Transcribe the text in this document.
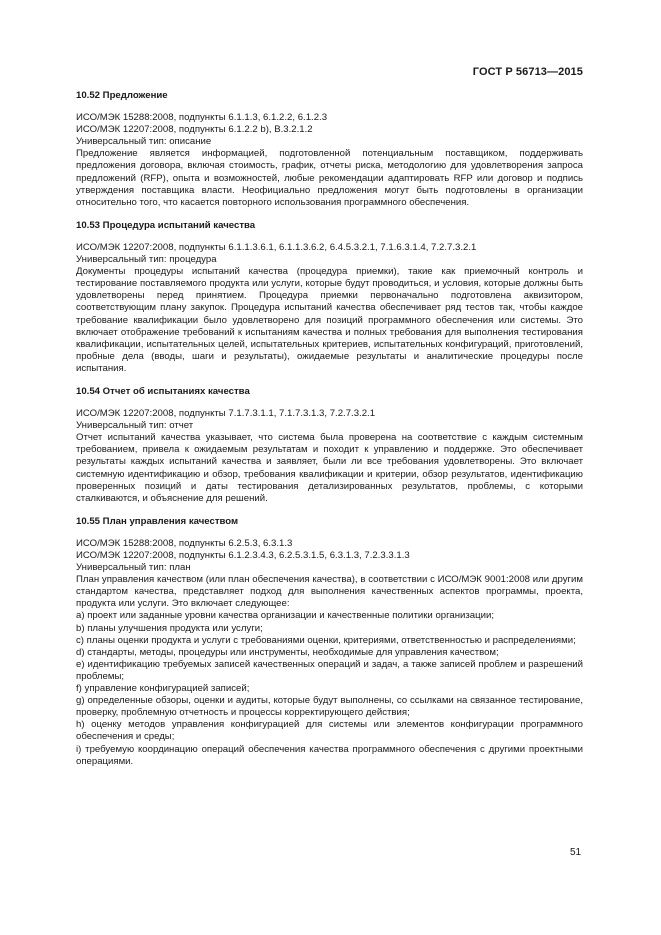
ГОСТ Р 56713—2015

10.52 Предложение

ИСО/МЭК 15288:2008, подпункты 6.1.1.3, 6.1.2.2, 6.1.2.3

ИСО/МЭК 12207:2008, подпункты 6.1.2.2 b), B.3.2.1.2

Универсальный тип: описание

Предложение является информацией, подготовленной потенциальным поставщиком, поддерживать предложения договора, включая стоимость, график, отчеты риска, методологию для удовлетворения запроса предложений (RFP), опыта и возможностей, любые рекомендации адаптировать RFP или договор и подпись утверждения поставщика власти. Неофициально предложения могут быть подготовлены в организации относительно того, что касается повторного использования программного обеспечения.

10.53 Процедура испытаний качества

ИСО/МЭК 12207:2008, подпункты 6.1.1.3.6.1, 6.1.1.3.6.2, 6.4.5.3.2.1, 7.1.6.3.1.4, 7.2.7.3.2.1

Универсальный тип: процедура

Документы процедуры испытаний качества (процедура приемки), такие как приемочный контроль и тестирование поставляемого продукта или услуги, которые будут проводиться, и условия, которые должны быть удовлетворены перед принятием. Процедура приемки первоначально подготовлена аквизитором, соответствующим плану закупок. Процедура испытаний качества обеспечивает ряд тестов так, чтобы каждое требование квалификации было удовлетворено для позиций программного обеспечения или системы. Это включает отображение требований к испытаниям качества и полных требования для выполнения тестирования квалификации, испытательных целей, испытательных критериев, испытательных конфигураций, приготовлений, пробные дела (вводы, шаги и результаты), ожидаемые результаты и аналитические процедуры после испытания.

10.54 Отчет об испытаниях качества

ИСО/МЭК 12207:2008, подпункты 7.1.7.3.1.1, 7.1.7.3.1.3, 7.2.7.3.2.1

Универсальный тип: отчет

Отчет испытаний качества указывает, что система была проверена на соответствие с каждым системным требованием, привела к ожидаемым результатам и походит к управлению и поддержке. Это обеспечивает результаты каждых испытаний качества и заявляет, были ли все требования удовлетворены. Это включает системную идентификацию и обзор, требования квалификации и критерии, обзор результатов, идентификацию проверенных позиций и даты тестирования детализированных результатов, проблемы, с которыми сталкиваются, и объяснение для решений.

10.55 План управления качеством

ИСО/МЭК 15288:2008, подпункты 6.2.5.3, 6.3.1.3

ИСО/МЭК 12207:2008, подпункты 6.1.2.3.4.3, 6.2.5.3.1.5, 6.3.1.3, 7.2.3.3.1.3

Универсальный тип: план

План управления качеством (или план обеспечения качества), в соответствии с ИСО/МЭК 9001:2008 или другим стандартом качества, представляет подход для выполнения качественных аспектов программы, проекта, продукта или услуги. Это включает следующее:

a) проект или заданные уровни качества организации и качественные политики организации;

b) планы улучшения продукта или услуги;

c) планы оценки продукта и услуги с требованиями оценки, критериями, ответственностью и распределениями;

d) стандарты, методы, процедуры или инструменты, необходимые для управления качеством;

e) идентификацию требуемых записей качественных операций и задач, а также записей проблем и разрешений проблемы;

f) управление конфигурацией записей;

g) определенные обзоры, оценки и аудиты, которые будут выполнены, со ссылками на связанное тестирование, проверку, проблемную отчетность и процессы корректирующего действия;

h) оценку методов управления конфигурацией для системы или элементов конфигурации программного обеспечения и среды;

i) требуемую координацию операций обеспечения качества программного обеспечения с другими проектными операциями.

51
